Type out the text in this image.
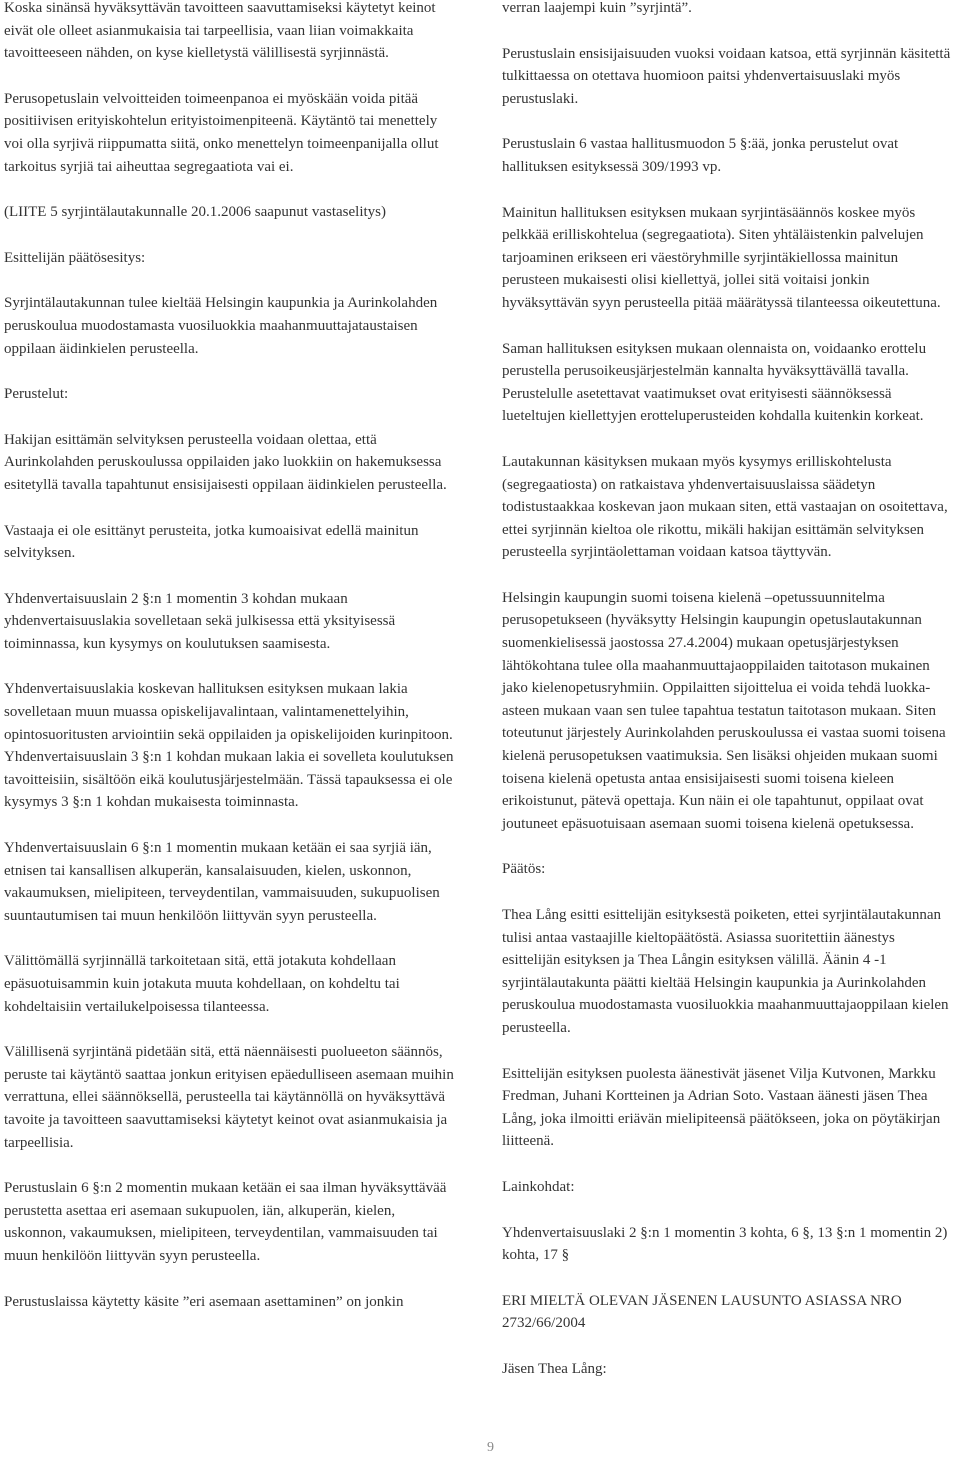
Koska sinänsä hyväksyttävän tavoitteen saavuttamiseksi käytetyt keinot eivät ole olleet asianmukaisia tai tarpeellisia, vaan liian voimakkaita tavoitteeseen nähden, on kyse kielletystä välillisestä syrjinnästä.

Perusopetuslain velvoitteiden toimeenpanoa ei myöskään voida pitää positiivisen erityiskohtelun erityistoimenpiteenä. Käytäntö tai menettely voi olla syrjivä riippumatta siitä, onko menettelyn toimeenpanijalla ollut tarkoitus syrjiä tai aiheuttaa segregaatiota vai ei.

(LIITE 5 syrjintälautakunnalle 20.1.2006 saapunut vastaselitys)

Esittelijän päätösesitys:

Syrjintälautakunnan tulee kieltää Helsingin kaupunkia ja Aurinkolahden peruskoulua muodostamasta vuosiluokkia maahanmuuttajataustaisen oppilaan äidinkielen perusteella.

Perustelut:

Hakijan esittämän selvityksen perusteella voidaan olettaa, että Aurinkolahden peruskoulussa oppilaiden jako luokkiin on hakemuksessa esitetyllä tavalla tapahtunut ensisijaisesti oppilaan äidinkielen perusteella.

Vastaaja ei ole esittänyt perusteita, jotka kumoaisivat edellä mainitun selvityksen.

Yhdenvertaisuuslain 2 §:n 1 momentin 3 kohdan mukaan yhdenvertaisuuslakia sovelletaan sekä julkisessa että yksityisessä toiminnassa, kun kysymys on koulutuksen saamisesta.

Yhdenvertaisuuslakia koskevan hallituksen esityksen mukaan lakia sovelletaan muun muassa opiskelijavalintaan, valintamenettelyihin, opintosuoritusten arviointiin sekä oppilaiden ja opiskelijoiden kurinpitoon. Yhdenvertaisuuslain 3 §:n 1 kohdan mukaan lakia ei sovelleta koulutuksen tavoitteisiin, sisältöön eikä koulutusjärjestelmään. Tässä tapauksessa ei ole kysymys 3 §:n 1 kohdan mukaisesta toiminnasta.

Yhdenvertaisuuslain 6 §:n 1 momentin mukaan ketään ei saa syrjiä iän, etnisen tai kansallisen alkuperän, kansalaisuuden, kielen, uskonnon, vakaumuksen, mielipiteen, terveydentilan, vammaisuuden, sukupuolisen suuntautumisen tai muun henkilöön liittyvän syyn perusteella.

Välittömällä syrjinnällä tarkoitetaan sitä, että jotakuta kohdellaan epäsuotuisammin kuin jotakuta muuta kohdellaan, on kohdeltu tai kohdeltaisiin vertailukelpoisessa tilanteessa.

Välillisenä syrjintänä pidetään sitä, että näennäisesti puolueeton säännös, peruste tai käytäntö saattaa jonkun erityisen epäedulliseen asemaan muihin verrattuna, ellei säännöksellä, perusteella tai käytännöllä on hyväksyttävä tavoite ja tavoitteen saavuttamiseksi käytetyt keinot ovat asianmukaisia ja tarpeellisia.

Perustuslain 6 §:n 2 momentin mukaan ketään ei saa ilman hyväksyttävää perustetta asettaa eri asemaan sukupuolen, iän, alkuperän, kielen, uskonnon, vakaumuksen, mielipiteen, terveydentilan, vammaisuuden tai muun henkilöön liittyvän syyn perusteella.

Perustuslaissa käytetty käsite ”eri asemaan asettaminen” on jonkin

verran laajempi kuin ”syrjintä”.

Perustuslain ensisijaisuuden vuoksi voidaan katsoa, että syrjinnän käsitettä tulkittaessa on otettava huomioon paitsi yhdenvertaisuuslaki myös perustuslaki.

Perustuslain 6 vastaa hallitusmuodon 5 §:ää, jonka perustelut ovat hallituksen esityksessä 309/1993 vp.

Mainitun hallituksen esityksen mukaan syrjintäsäännös koskee myös pelkkää erilliskohtelua (segregaatiota). Siten yhtäläistenkin palvelujen tarjoaminen erikseen eri väestöryhmille syrjintäkiellossa mainitun perusteen mukaisesti olisi kiellettyä, jollei sitä voitaisi jonkin hyväksyttävän syyn perusteella pitää määrätyssä tilanteessa oikeutettuna.

Saman hallituksen esityksen mukaan olennaista on, voidaanko erottelu perustella perusoikeusjärjestelmän kannalta hyväksyttävällä tavalla. Perustelulle asetettavat vaatimukset ovat erityisesti säännöksessä lueteltujen kiellettyjen erotteluperusteiden kohdalla kuitenkin korkeat.

Lautakunnan käsityksen mukaan myös kysymys erilliskohtelusta (segregaatiosta) on ratkaistava yhdenvertaisuuslaissa säädetyn todistustaakkaa koskevan jaon mukaan siten, että vastaajan on osoitettava, ettei syrjinnän kieltoa ole rikottu, mikäli hakijan esittämän selvityksen perusteella syrjintäolettaman voidaan katsoa täyttyvän.

Helsingin kaupungin suomi toisena kielenä –opetussuunnitelma perusopetukseen (hyväksytty Helsingin kaupungin opetuslautakunnan suomenkielisessä jaostossa 27.4.2004) mukaan opetusjärjestyksen lähtökohtana tulee olla maahanmuuttajaoppilaiden taitotason mukainen jako kielenopetusryhmiin. Oppilaitten sijoittelua ei voida tehdä luokka-asteen mukaan vaan sen tulee tapahtua testatun taitotason mukaan. Siten toteutunut järjestely Aurinkolahden peruskoulussa ei vastaa suomi toisena kielenä perusopetuksen vaatimuksia. Sen lisäksi ohjeiden mukaan suomi toisena kielenä opetusta antaa ensisijaisesti suomi toisena kieleen erikoistunut, pätevä opettaja. Kun näin ei ole tapahtunut, oppilaat ovat joutuneet epäsuotuisaan asemaan suomi toisena kielenä opetuksessa.

Päätös:

Thea Lång esitti esittelijän esityksestä poiketen, ettei syrjintälautakunnan tulisi antaa vastaajille kieltopäätöstä. Asiassa suoritettiin äänestys esittelijän esityksen ja Thea Långin esityksen välillä. Äänin 4 -1 syrjintälautakunta päätti kieltää Helsingin kaupunkia ja Aurinkolahden peruskoulua muodostamasta vuosiluokkia maahanmuuttajaoppilaan kielen perusteella.

Esittelijän esityksen puolesta äänestivät jäsenet Vilja Kutvonen, Markku Fredman, Juhani Kortteinen ja Adrian Soto. Vastaan äänesti jäsen Thea Lång, joka ilmoitti eriävän mielipiteensä päätökseen, joka on pöytäkirjan liitteenä.

Lainkohdat:

Yhdenvertaisuuslaki 2 §:n 1 momentin 3 kohta, 6 §, 13 §:n 1 momentin 2) kohta, 17 §

ERI MIELTÄ OLEVAN JÄSENEN LAUSUNTO ASIASSA NRO 2732/66/2004

Jäsen Thea Lång:

9
